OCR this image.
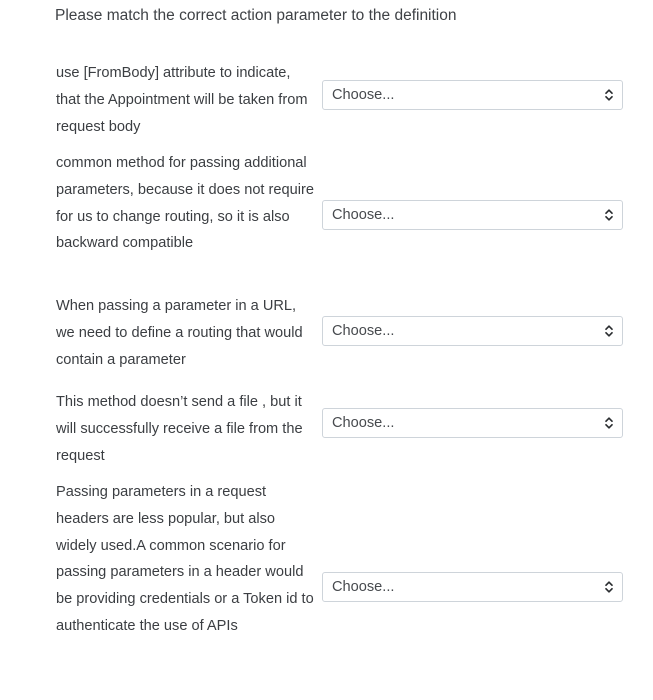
Please match the correct action parameter to the definition

use [FromBody] attribute to indicate, that the Appointment will be taken from request body

Choose...

common method for passing additional parameters, because it does not require for us to change routing, so it is also backward compatible

Choose...

When passing a parameter in a URL, we need to define a routing that would contain a parameter

Choose...

This method doesn’t send a file , but it will successfully receive a file from the request

Choose...

Passing parameters in a request headers are less popular, but also widely used.A common scenario for passing parameters in a header would be providing credentials or a Token id to authenticate the use of APIs

Choose...
